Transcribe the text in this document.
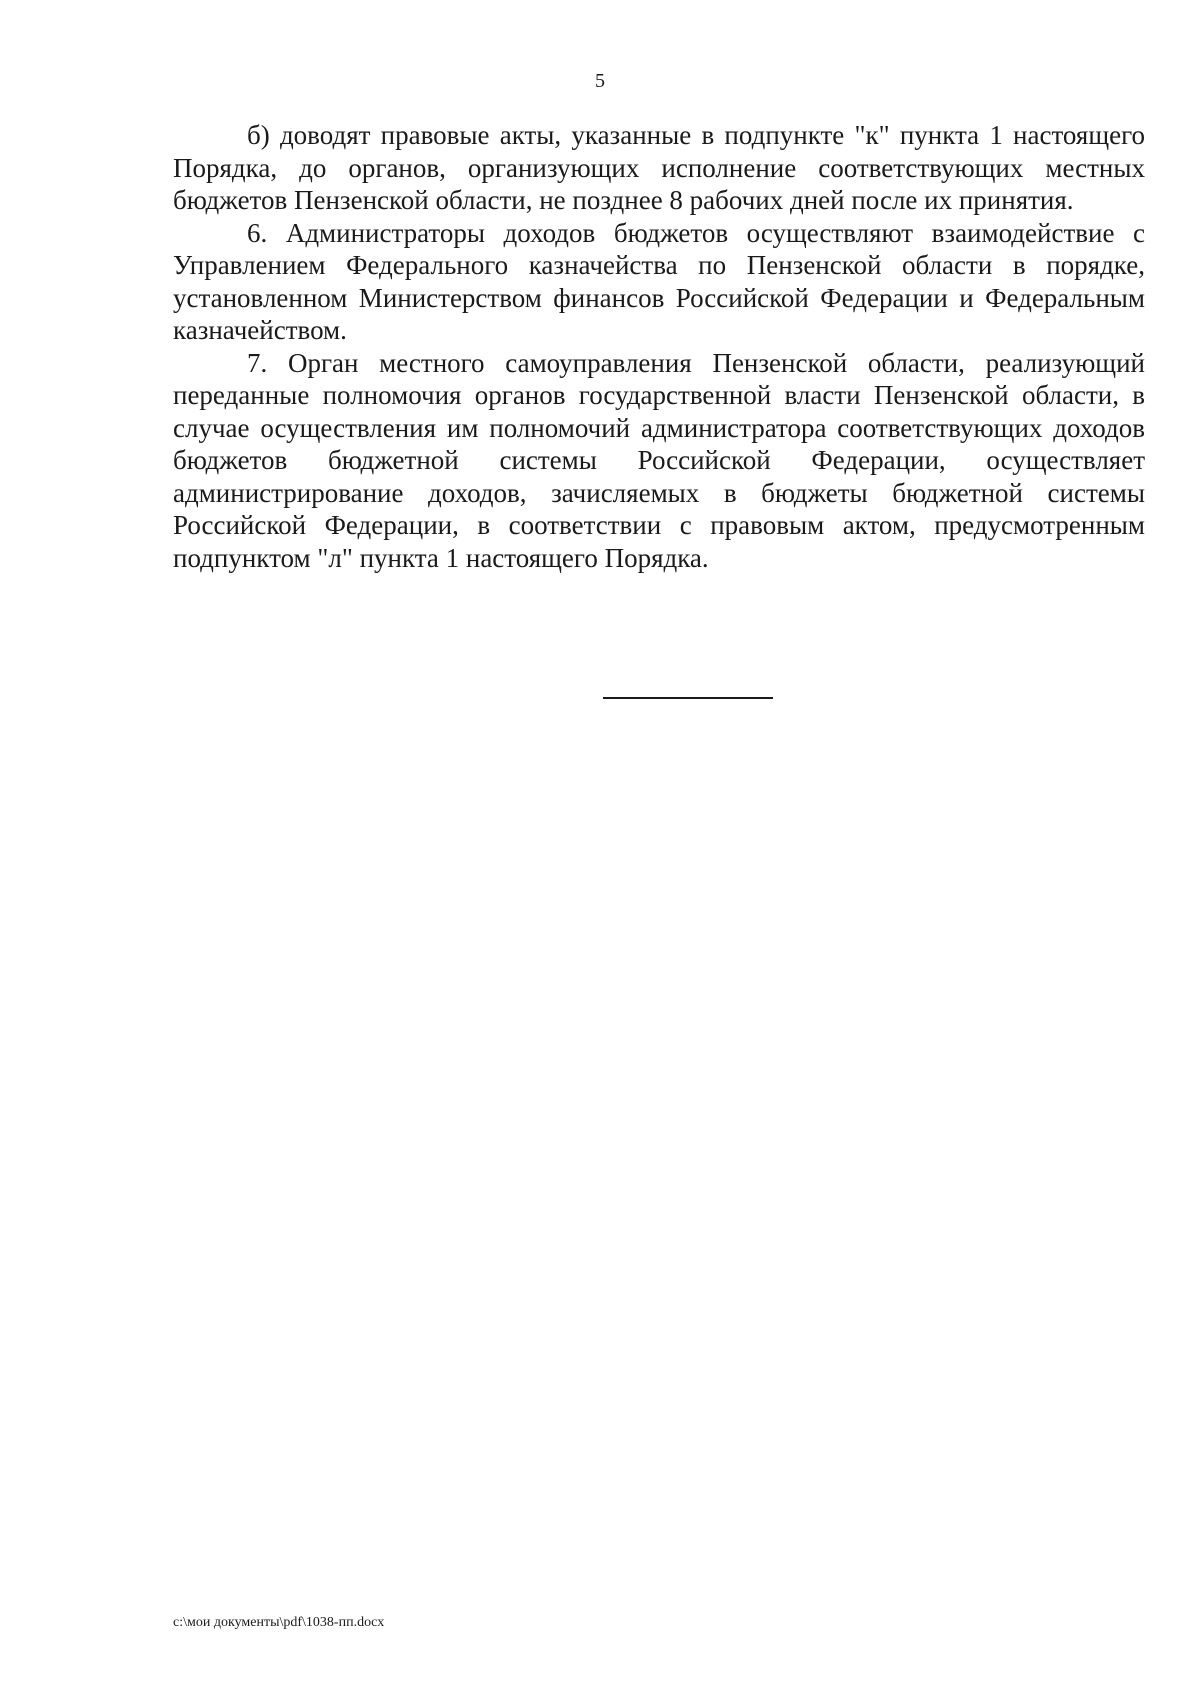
5

б) доводят правовые акты, указанные в подпункте "к" пункта 1 настоящего Порядка, до органов, организующих исполнение соответствующих местных бюджетов Пензенской области, не позднее 8 рабочих дней после их принятия.

6. Администраторы доходов бюджетов осуществляют взаимодействие с Управлением Федерального казначейства по Пензенской области в порядке, установленном Министерством финансов Российской Федерации и Федеральным казначейством.

7. Орган местного самоуправления Пензенской области, реализующий переданные полномочия органов государственной власти Пензенской области, в случае осуществления им полномочий администратора соответствующих доходов бюджетов бюджетной системы Российской Федерации, осуществляет администрирование доходов, зачисляемых в бюджеты бюджетной системы Российской Федерации, в соответствии с правовым актом, предусмотренным подпунктом "л" пункта 1 настоящего Порядка.

c:\мои документы\pdf\1038-пп.docx
